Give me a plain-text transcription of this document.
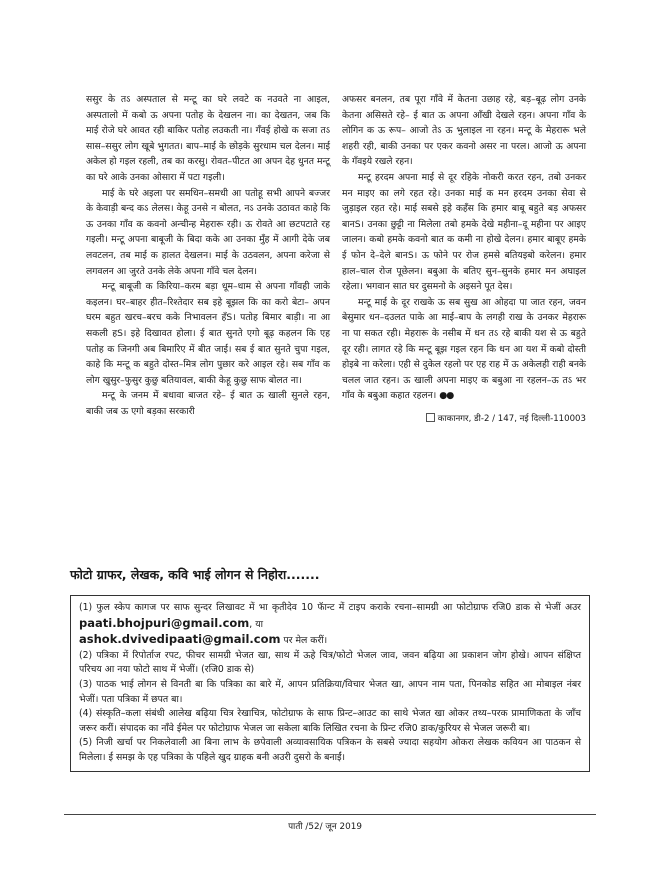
ससुर के तऽ अस्पताल से मन्टू का घरे लवटे क नउवते ना आइल, अस्पतालो में कबो ऊ अपना पतोह के देखलन ना। का देखतन, जब कि माई रोजे घरे आवत रही बाकिर पतोह लउकती ना। गँवई होखे क सजा तऽ सास–ससुर लोग खूबे भुगतत। बाप–माई के छोड़के सुरधाम चल देलन। माई अकेल हो गइल रहली, तब का करसु। रोवत–पीटत आ अपन देह धुनत मन्टू का घरे आके उनका ओसारा में पटा गइली।

माई के घरे अइला पर समधिन–समधी आ पतोहू सभी आपने बज्जर के केवाड़ी बन्द कऽ लेलस। केहू उनसे न बोलत, नऽ उनके उठावत काहे कि ऊ उनका गाँव क कवनो अन्चीन्ह मेहरारू रही। ऊ रोवते आ छटपटाते रह गइली। मन्टू अपना बाबूजी के बिदा कके आ उनका मुँह में आगी देके जब लवटलन, तब माई क हालत देखलन। माई के उठवलन, अपना करेजा से लगवलन आ जुरते उनके लेके अपना गाँवे चल देलन।

मन्टू बाबूजी क किरिया–करम बड़ा धूम–धाम से अपना गाँवही जाके कइलन। घर–बाहर हीत–रिश्तेदार सब इहे बूझल कि का करो बेटा– अपन घरम बहुत खरच–बरच कके निभावलन हँS। पतोह बिमार बाड़ी। ना आ सकली हS। इहे दिखावत होला। ई बात सुनते एगो बूढ़ कहलन कि एह पतोह क जिनगी अब बिमारिए में बीत जाई। सब ई बात सुनते चुपा गइल, काहे कि मन्टू क बहुते दोस्त–मित्र लोग पुछार करे आइल रहे। सब गाँव क लोग खुसुर–फुसुर कुछु बतियावल, बाकी केहू कुछु साफ बोलत ना।

मन्टू के जनम में बधावा बाजत रहे– ई बात ऊ खाली सुनले रहन, बाकी जब ऊ एगो बड़का सरकारी

अफसर बनलन, तब पूरा गाँवे में केतना उछाह रहे, बड़–बूढ़ लोग उनके केतना असिसते रहे– ई बात ऊ अपना आँखी देखले रहन। अपना गाँव के लोगिन क ऊ रूप– आजो तेऽ ऊ भुलाइल ना रहन। मन्टू के मेहरारू भले शहरी रही, बाकी उनका पर एकर कवनो असर ना परल। आजो ऊ अपना के गँवइये रखले रहन।

मन्टू हरदम अपना माई से दूर रहिके नोकरी करत रहन, तबो उनकर मन माइए का लगे रहत रहे। उनका माई क मन हरदम उनका सेवा से जुड़ाइल रहत रहे। माई सबसे इहे कहँस कि हमार बाबू बहुते बड़ अफसर बानS। उनका छुट्टी ना मिलेला तबो हमके देखे महीना–दू महीना पर आइए जालन। कबो हमके कवनो बात क कमी ना होखे देलन। हमार बाबूए हमके ई फोन दे–देले बानS। ऊ फोने पर रोज हमसे बतियइबो करेलन। हमार हाल–चाल रोज पूछेलन। बबुआ के बतिए सुन–सुनके हमार मन अघाइल रहेला। भगवान सात घर दुसमनो के अइसने पूत देस।

मन्टू माई के दूर राखके ऊ सब सुख आ ओहदा पा जात रहन, जवन बेसुमार धन–दउलत पाके आ माई–बाप के लगही राख के उनकर मेहरारू ना पा सकत रही। मेहरारू के नसीब में धन तऽ रहे बाकी यश से ऊ बहुते दूर रही। लागत रहे कि मन्टू बूझ गइल रहन कि धन आ यश में कबो दोस्ती होइबे ना करेला। एही से दुकेल रहलो पर एह राह में ऊ अकेलही राही बनके चलल जात रहन। ऊ खाली अपना माइए क बबुआ ना रहलन–ऊ तऽ भर गाँव के बबुआ कहात रहलन। ●●

काकानगर, डी-2 / 147, नई दिल्ली-110003
फोटो ग्राफर, लेखक, कवि भाई लोगन से निहोरा.......

(1) फुल स्केप कागज पर साफ सुन्दर लिखावट में भा कृतीदेव 10 फॅान्ट में टाइप कराके रचना–सामग्री आ फोटोग्राफ रजि0 डाक से भेजीं अउर paati.bhojpuri@gmail.com, या
ashok.dvivedipaati@gmail.com पर मेल करीं।

(2) पत्रिका में रिपोर्ताज रपट, फीचर सामग्री भेजत खा, साथ में ऊहे चित्र/फोटो भेजल जाव, जवन बढ़िया आ प्रकाशन जोग होखे। आपन संक्षिप्त परिचय आ नया फोटो साथ में भेजीं। (रजि0 डाक से)

(3) पाठक भाई लोगन से विनती बा कि पत्रिका का बारे में, आपन प्रतिक्रिया/विचार भेजत खा, आपन नाम पता, पिनकोड सहित आ मोबाइल नंबर भेजीं। पता पत्रिका में छपत बा।

(4) संस्कृति–कला संबंधी आलेख बढ़िया चित्र रेखाचित्र, फोटोग्राफ के साफ प्रिन्ट–आउट का साथे भेजत खा ओकर तथ्य–परक प्रामाणिकता के जाँच जरूर करीं। संपादक का नाँवे ईमेल पर फोटोग्राफ भेजल जा सकेला बाकि लिखित रचना के प्रिन्ट रजि0 डाक/कुरियर से भेजल जरूरी बा।

(5) निजी खर्चा पर निकलेवाली आ बिना लाभ के छपेवाली अव्यावसायिक पत्रिकन के सबसे ज्यादा सहयोग ओकरा लेखक कवियन आ पाठकन से मिलेला। ई समझ के एह पत्रिका के पहिले खुद ग्राहक बनी अउरी दुसरो के बनाईं।

पाती /52/ जून 2019
